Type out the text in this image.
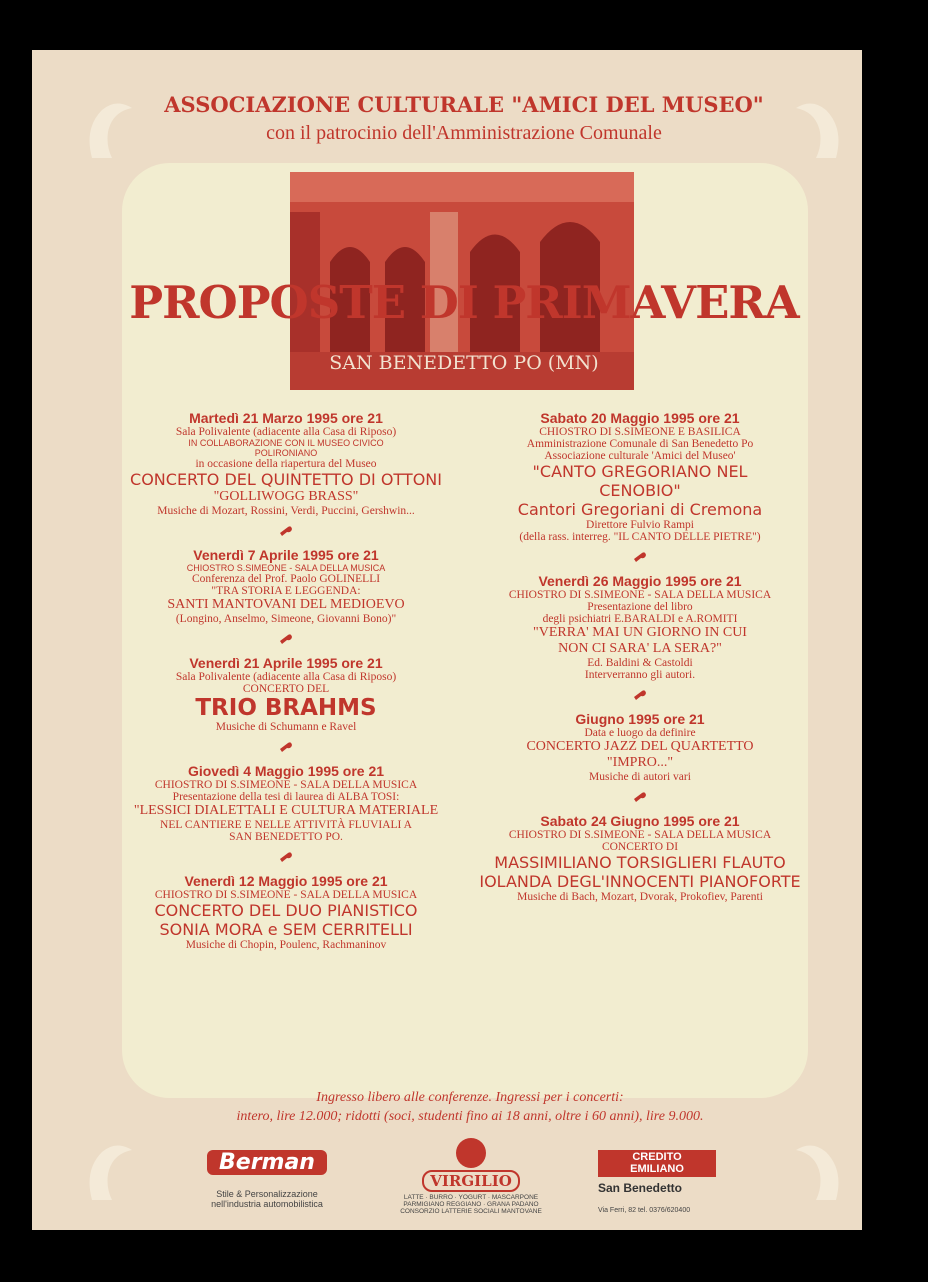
ASSOCIAZIONE CULTURALE "AMICI DEL MUSEO"
con il patrocinio dell'Amministrazione Comunale
PROPOSTE DI PRIMAVERA
SAN BENEDETTO PO (MN)
Martedì 21 Marzo 1995 ore 21
Sala Polivalente (adiacente alla Casa di Riposo)
IN COLLABORAZIONE CON IL MUSEO CIVICO
POLIRONIANO
in occasione della riapertura del Museo
CONCERTO DEL QUINTETTO DI OTTONI
"GOLLIWOGG BRASS"
Musiche di Mozart, Rossini, Verdi, Puccini, Gershwin...
Venerdì 7 Aprile 1995 ore 21
CHIOSTRO S.SIMEONE - SALA DELLA MUSICA
Conferenza del Prof. Paolo GOLINELLI
"TRA STORIA E LEGGENDA:
SANTI MANTOVANI DEL MEDIOEVO
(Longino, Anselmo, Simeone, Giovanni Bono)"
Venerdì 21 Aprile 1995 ore 21
Sala Polivalente (adiacente alla Casa di Riposo)
CONCERTO DEL
TRIO BRAHMS
Musiche di Schumann e Ravel
Giovedì 4 Maggio 1995 ore 21
CHIOSTRO DI S.SIMEONE - SALA DELLA MUSICA
Presentazione della tesi di laurea di ALBA TOSI:
"LESSICI DIALETTALI E CULTURA MATERIALE
NEL CANTIERE E NELLE ATTIVITÀ FLUVIALI A
SAN BENEDETTO PO.
Venerdì 12 Maggio 1995 ore 21
CHIOSTRO DI S.SIMEONE - SALA DELLA MUSICA
CONCERTO DEL DUO PIANISTICO
SONIA MORA e SEM CERRITELLI
Musiche di Chopin, Poulenc, Rachmaninov
Sabato 20 Maggio 1995 ore 21
CHIOSTRO DI S.SIMEONE E BASILICA
Amministrazione Comunale di San Benedetto Po
Associazione culturale 'Amici del Museo'
"CANTO GREGORIANO NEL
CENOBIO"
Cantori Gregoriani di Cremona
Direttore Fulvio Rampi
(della rass. interreg. "IL CANTO DELLE PIETRE")
Venerdì 26 Maggio 1995 ore 21
CHIOSTRO DI S.SIMEONE - SALA DELLA MUSICA
Presentazione del libro
degli psichiatri E.BARALDI e A.ROMITI
"VERRA' MAI UN GIORNO IN CUI
NON CI SARA' LA SERA?"
Ed. Baldini & Castoldi
Interverranno gli autori.
Giugno 1995 ore 21
Data e luogo da definire
CONCERTO JAZZ DEL QUARTETTO
"IMPRO..."
Musiche di autori vari
Sabato 24 Giugno 1995 ore 21
CHIOSTRO DI S.SIMEONE - SALA DELLA MUSICA
CONCERTO DI
MASSIMILIANO TORSIGLIERI FLAUTO
IOLANDA DEGL'INNOCENTI PIANOFORTE
Musiche di Bach, Mozart, Dvorak, Prokofiev, Parenti
Ingresso libero alle conferenze. Ingressi per i concerti:
intero, lire 12.000; ridotti (soci, studenti fino ai 18 anni, oltre i 60 anni), lire 9.000.
Berman
Stile & Personalizzazione
nell'industria automobilistica
VIRGILIO
LATTE · BURRO · YOGURT · MASCARPONE
PARMIGIANO REGGIANO · GRANA PADANO
CONSORZIO LATTERIE SOCIALI MANTOVANE
CREDITO
EMILIANO
San Benedetto
Via Ferri, 82 tel. 0376/620400
